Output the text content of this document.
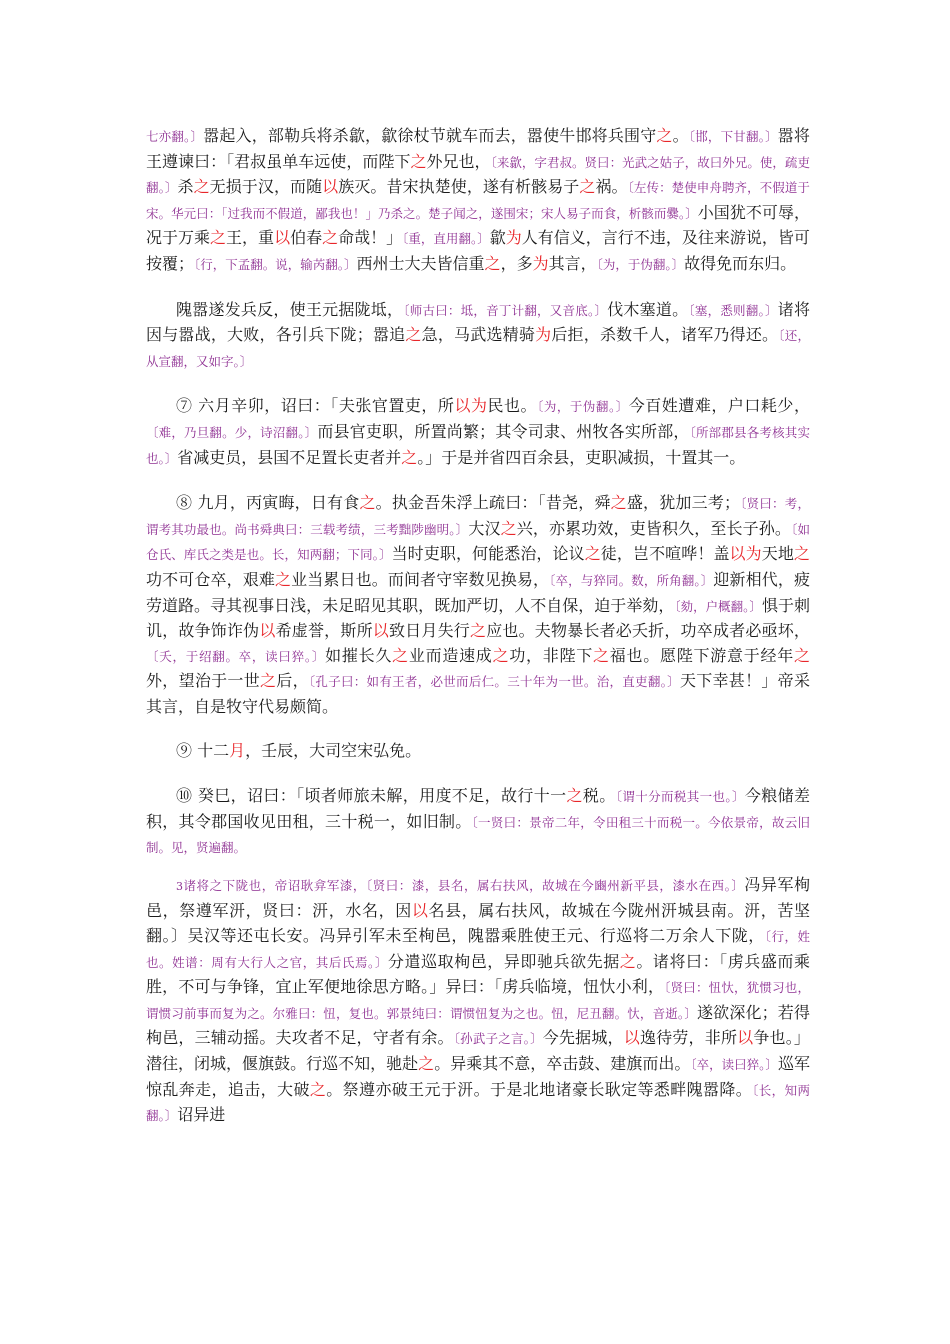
七亦翻。〕嚣起入，部勒兵将杀歙，歙徐杖节就车而去，嚣使牛邯将兵围守之。〔邯，下甘翻。〕嚣将王遵谏曰：「君叔虽单车远使，而陛下之外兄也，〔来歙，字君叔。贤曰：光武之姑子，故曰外兄。使，疏吏翻。〕杀之无损于汉，而随以族灭。昔宋执楚使，遂有析骸易子之祸。〔左传：楚使申舟聘齐，不假道于宋。华元曰：「过我而不假道，鄙我也！」乃杀之。楚子闻之，遂围宋；宋人易子而食，析骸而爨。〕小国犹不可辱，况于万乘之王，重以伯春之命哉！」〔重，直用翻。〕歙为人有信义，言行不违，及往来游说，皆可按覆；〔行，下孟翻。说，输芮翻。〕西州士大夫皆信重之，多为其言，〔为，于伪翻。〕故得免而东归。

隗嚣遂发兵反，使王元据陇坻，〔师古曰：坻，音丁计翻，又音底。〕伐木塞道。〔塞，悉则翻。〕诸将因与嚣战，大败，各引兵下陇；嚣追之急，马武选精骑为后拒，杀数千人，诸军乃得还。〔还，从宣翻，又如字。〕

⑦ 六月辛卯，诏曰：「夫张官置吏，所以为民也。〔为，于伪翻。〕今百姓遭难，户口耗少，〔难，乃旦翻。少，诗沼翻。〕而县官吏职，所置尚繁；其令司隶、州牧各实所部，〔所部郡县各考核其实也。〕省减吏员，县国不足置长吏者并之。」于是并省四百余县，吏职减损，十置其一。

⑧ 九月，丙寅晦，日有食之。执金吾朱浮上疏曰：「昔尧，舜之盛，犹加三考；〔贤曰：考，谓考其功最也。尚书舜典曰：三载考绩，三考黜陟幽明。〕大汉之兴，亦累功效，吏皆积久，至长子孙。〔如仓氏、库氏之类是也。长，知两翻；下同。〕当时吏职，何能悉治，论议之徒，岂不喧哗！盖以为天地之功不可仓卒，艰难之业当累日也。而间者守宰数见换易，〔卒，与猝同。数，所角翻。〕迎新相代，疲劳道路。寻其视事日浅，未足昭见其职，既加严切，人不自保，迫于举劾，〔劾，户概翻。〕惧于刺讥，故争饰诈伪以希虚誉，斯所以致日月失行之应也。夫物暴长者必夭折，功卒成者必亟坏，〔夭，于绍翻。卒，读曰猝。〕如摧长久之业而造速成之功，非陛下之福也。愿陛下游意于经年之外，望治于一世之后，〔孔子曰：如有王者，必世而后仁。三十年为一世。治，直吏翻。〕天下幸甚！」帝采其言，自是牧守代易颇简。

⑨ 十二月，壬辰，大司空宋弘免。

⑩ 癸巳，诏曰：「顷者师旅未解，用度不足，故行十一之税。〔谓十分而税其一也。〕今粮储差积，其令郡国收见田租，三十税一，如旧制。〔一贤曰：景帝二年，令田租三十而税一。今依景帝，故云旧制。见，贤遍翻。

3诸将之下陇也，帝诏耿弇军漆，〔贤曰：漆，县名，属右扶风，故城在今豳州新平县，漆水在西。〕冯异军栒邑，祭遵军汧，贤曰：汧，水名，因以名县，属右扶风，故城在今陇州汧城县南。汧，苦坚翻。〕吴汉等还屯长安。冯异引军未至栒邑，隗嚣乘胜使王元、行巡将二万余人下陇，〔行，姓也。姓谱：周有大行人之官，其后氏焉。〕分遣巡取栒邑，异即驰兵欲先据之。诸将曰：「虏兵盛而乘胜，不可与争锋，宜止军便地徐思方略。」异曰：「虏兵临境，忸忕小利，〔贤曰：忸忕，犹惯习也，谓惯习前事而复为之。尔雅曰：忸，复也。郭景纯曰：谓惯忸复为之也。忸，尼丑翻。忕，音逝。〕遂欲深化；若得栒邑，三辅动摇。夫攻者不足，守者有余。〔孙武子之言。〕今先据城，以逸待劳，非所以争也。」潜往，闭城，偃旗鼓。行巡不知，驰赴之。异乘其不意，卒击鼓、建旗而出。〔卒，读曰猝。〕巡军惊乱奔走，追击，大破之。祭遵亦破王元于汧。于是北地诸豪长耿定等悉畔隗嚣降。〔长，知两翻。〕诏异进
